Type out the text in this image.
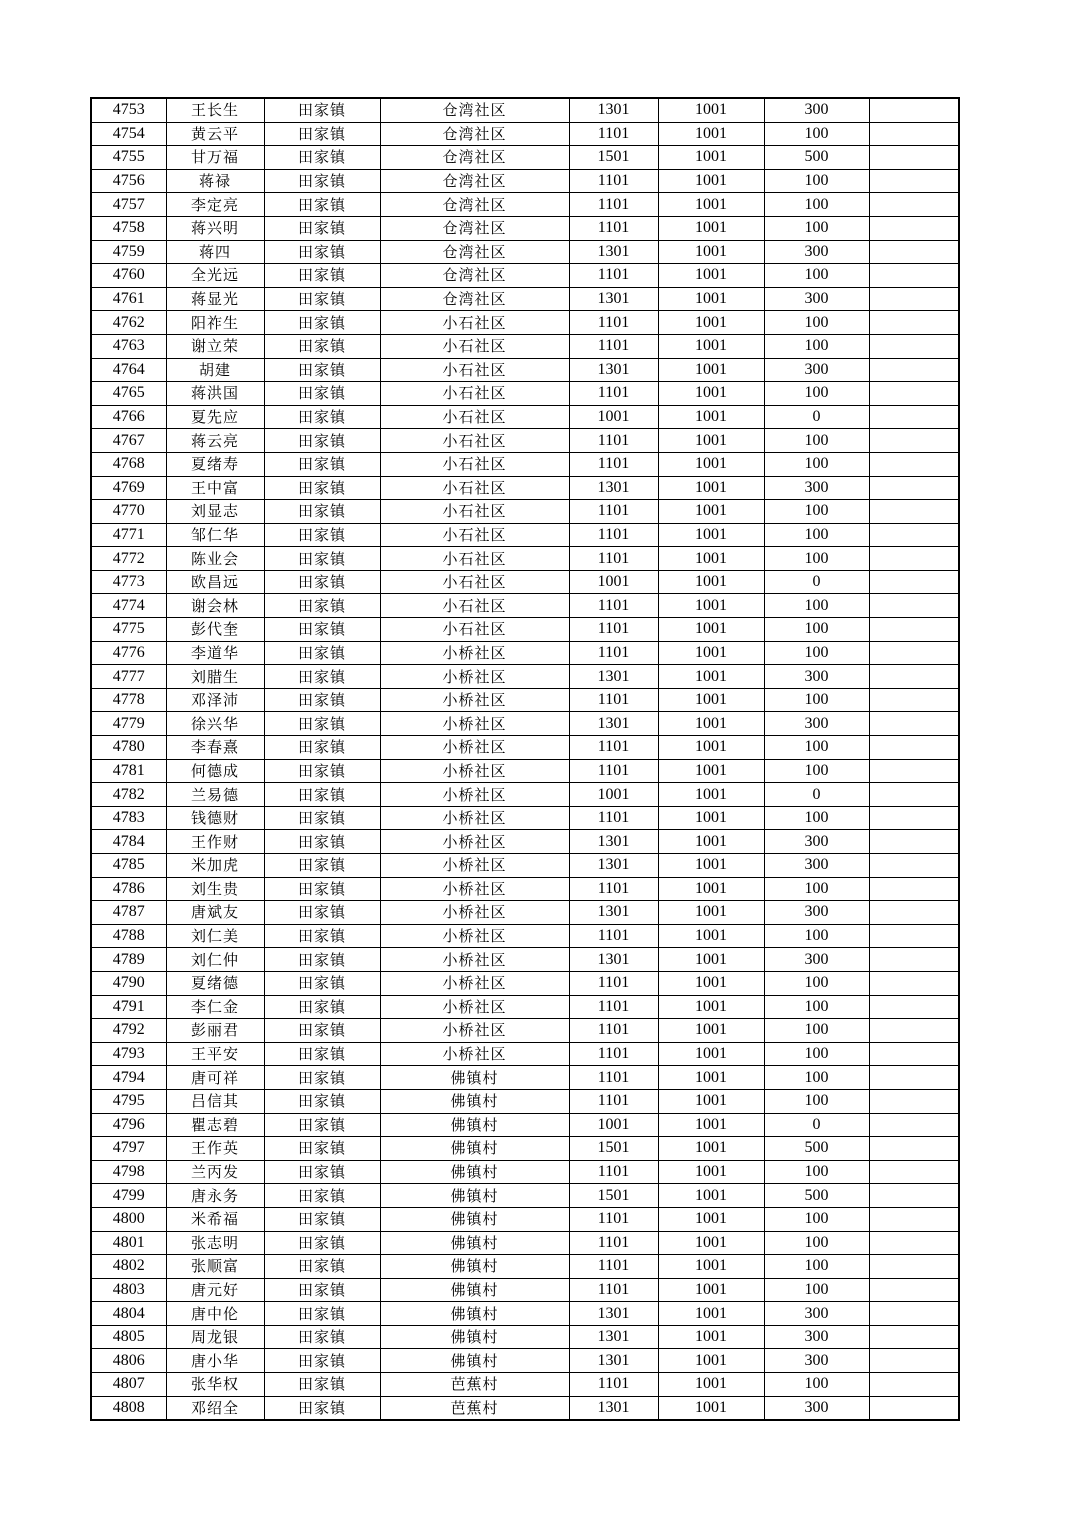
4753	王长生	田家镇	仓湾社区	1301	1001	300	
4754	黄云平	田家镇	仓湾社区	1101	1001	100	
4755	甘万福	田家镇	仓湾社区	1501	1001	500	
4756	蒋禄	田家镇	仓湾社区	1101	1001	100	
4757	李定亮	田家镇	仓湾社区	1101	1001	100	
4758	蒋兴明	田家镇	仓湾社区	1101	1001	100	
4759	蒋四	田家镇	仓湾社区	1301	1001	300	
4760	全光远	田家镇	仓湾社区	1101	1001	100	
4761	蒋显光	田家镇	仓湾社区	1301	1001	300	
4762	阳祚生	田家镇	小石社区	1101	1001	100	
4763	谢立荣	田家镇	小石社区	1101	1001	100	
4764	胡建	田家镇	小石社区	1301	1001	300	
4765	蒋洪国	田家镇	小石社区	1101	1001	100	
4766	夏先应	田家镇	小石社区	1001	1001	0	
4767	蒋云亮	田家镇	小石社区	1101	1001	100	
4768	夏绪寿	田家镇	小石社区	1101	1001	100	
4769	王中富	田家镇	小石社区	1301	1001	300	
4770	刘显志	田家镇	小石社区	1101	1001	100	
4771	邹仁华	田家镇	小石社区	1101	1001	100	
4772	陈业会	田家镇	小石社区	1101	1001	100	
4773	欧昌远	田家镇	小石社区	1001	1001	0	
4774	谢会林	田家镇	小石社区	1101	1001	100	
4775	彭代奎	田家镇	小石社区	1101	1001	100	
4776	李道华	田家镇	小桥社区	1101	1001	100	
4777	刘腊生	田家镇	小桥社区	1301	1001	300	
4778	邓泽沛	田家镇	小桥社区	1101	1001	100	
4779	徐兴华	田家镇	小桥社区	1301	1001	300	
4780	李春熹	田家镇	小桥社区	1101	1001	100	
4781	何德成	田家镇	小桥社区	1101	1001	100	
4782	兰易德	田家镇	小桥社区	1001	1001	0	
4783	钱德财	田家镇	小桥社区	1101	1001	100	
4784	王作财	田家镇	小桥社区	1301	1001	300	
4785	米加虎	田家镇	小桥社区	1301	1001	300	
4786	刘生贵	田家镇	小桥社区	1101	1001	100	
4787	唐斌友	田家镇	小桥社区	1301	1001	300	
4788	刘仁美	田家镇	小桥社区	1101	1001	100	
4789	刘仁仲	田家镇	小桥社区	1301	1001	300	
4790	夏绪德	田家镇	小桥社区	1101	1001	100	
4791	李仁金	田家镇	小桥社区	1101	1001	100	
4792	彭丽君	田家镇	小桥社区	1101	1001	100	
4793	王平安	田家镇	小桥社区	1101	1001	100	
4794	唐可祥	田家镇	佛镇村	1101	1001	100	
4795	吕信其	田家镇	佛镇村	1101	1001	100	
4796	瞿志碧	田家镇	佛镇村	1001	1001	0	
4797	王作英	田家镇	佛镇村	1501	1001	500	
4798	兰丙发	田家镇	佛镇村	1101	1001	100	
4799	唐永务	田家镇	佛镇村	1501	1001	500	
4800	米希福	田家镇	佛镇村	1101	1001	100	
4801	张志明	田家镇	佛镇村	1101	1001	100	
4802	张顺富	田家镇	佛镇村	1101	1001	100	
4803	唐元好	田家镇	佛镇村	1101	1001	100	
4804	唐中伦	田家镇	佛镇村	1301	1001	300	
4805	周龙银	田家镇	佛镇村	1301	1001	300	
4806	唐小华	田家镇	佛镇村	1301	1001	300	
4807	张华权	田家镇	芭蕉村	1101	1001	100	
4808	邓绍全	田家镇	芭蕉村	1301	1001	300	
